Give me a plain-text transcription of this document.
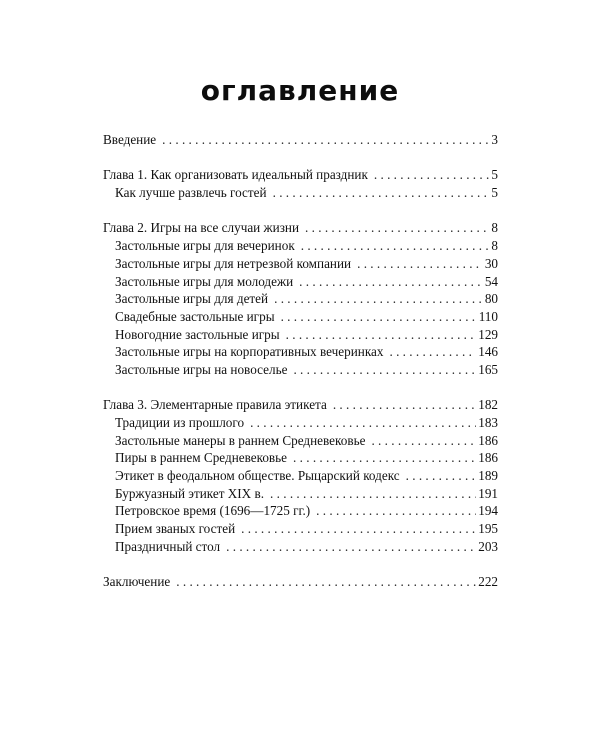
оглавление
Введение . . .	3
Глава 1. Как организовать идеальный праздник . . .	5
Как лучше развлечь гостей . . .	5
Глава 2. Игры на все случаи жизни . . .	8
Застольные игры для вечеринок . . .	8
Застольные игры для нетрезвой компании . . .	30
Застольные игры для молодежи . . .	54
Застольные игры для детей . . .	80
Свадебные застольные игры . . .	110
Новогодние застольные игры . . .	129
Застольные игры на корпоративных вечеринках . . .	146
Застольные игры на новоселье . . .	165
Глава 3. Элементарные правила этикета . . .	182
Традиции из прошлого . . .	183
Застольные манеры в раннем Средневековье . . .	186
Пиры в раннем Средневековье . . .	186
Этикет в феодальном обществе. Рыцарский кодекс . . .	189
Буржуазный этикет XIX в. . . .	191
Петровское время (1696—1725 гг.) . . .	194
Прием званых гостей . . .	195
Праздничный стол . . .	203
Заключение . . .	222
